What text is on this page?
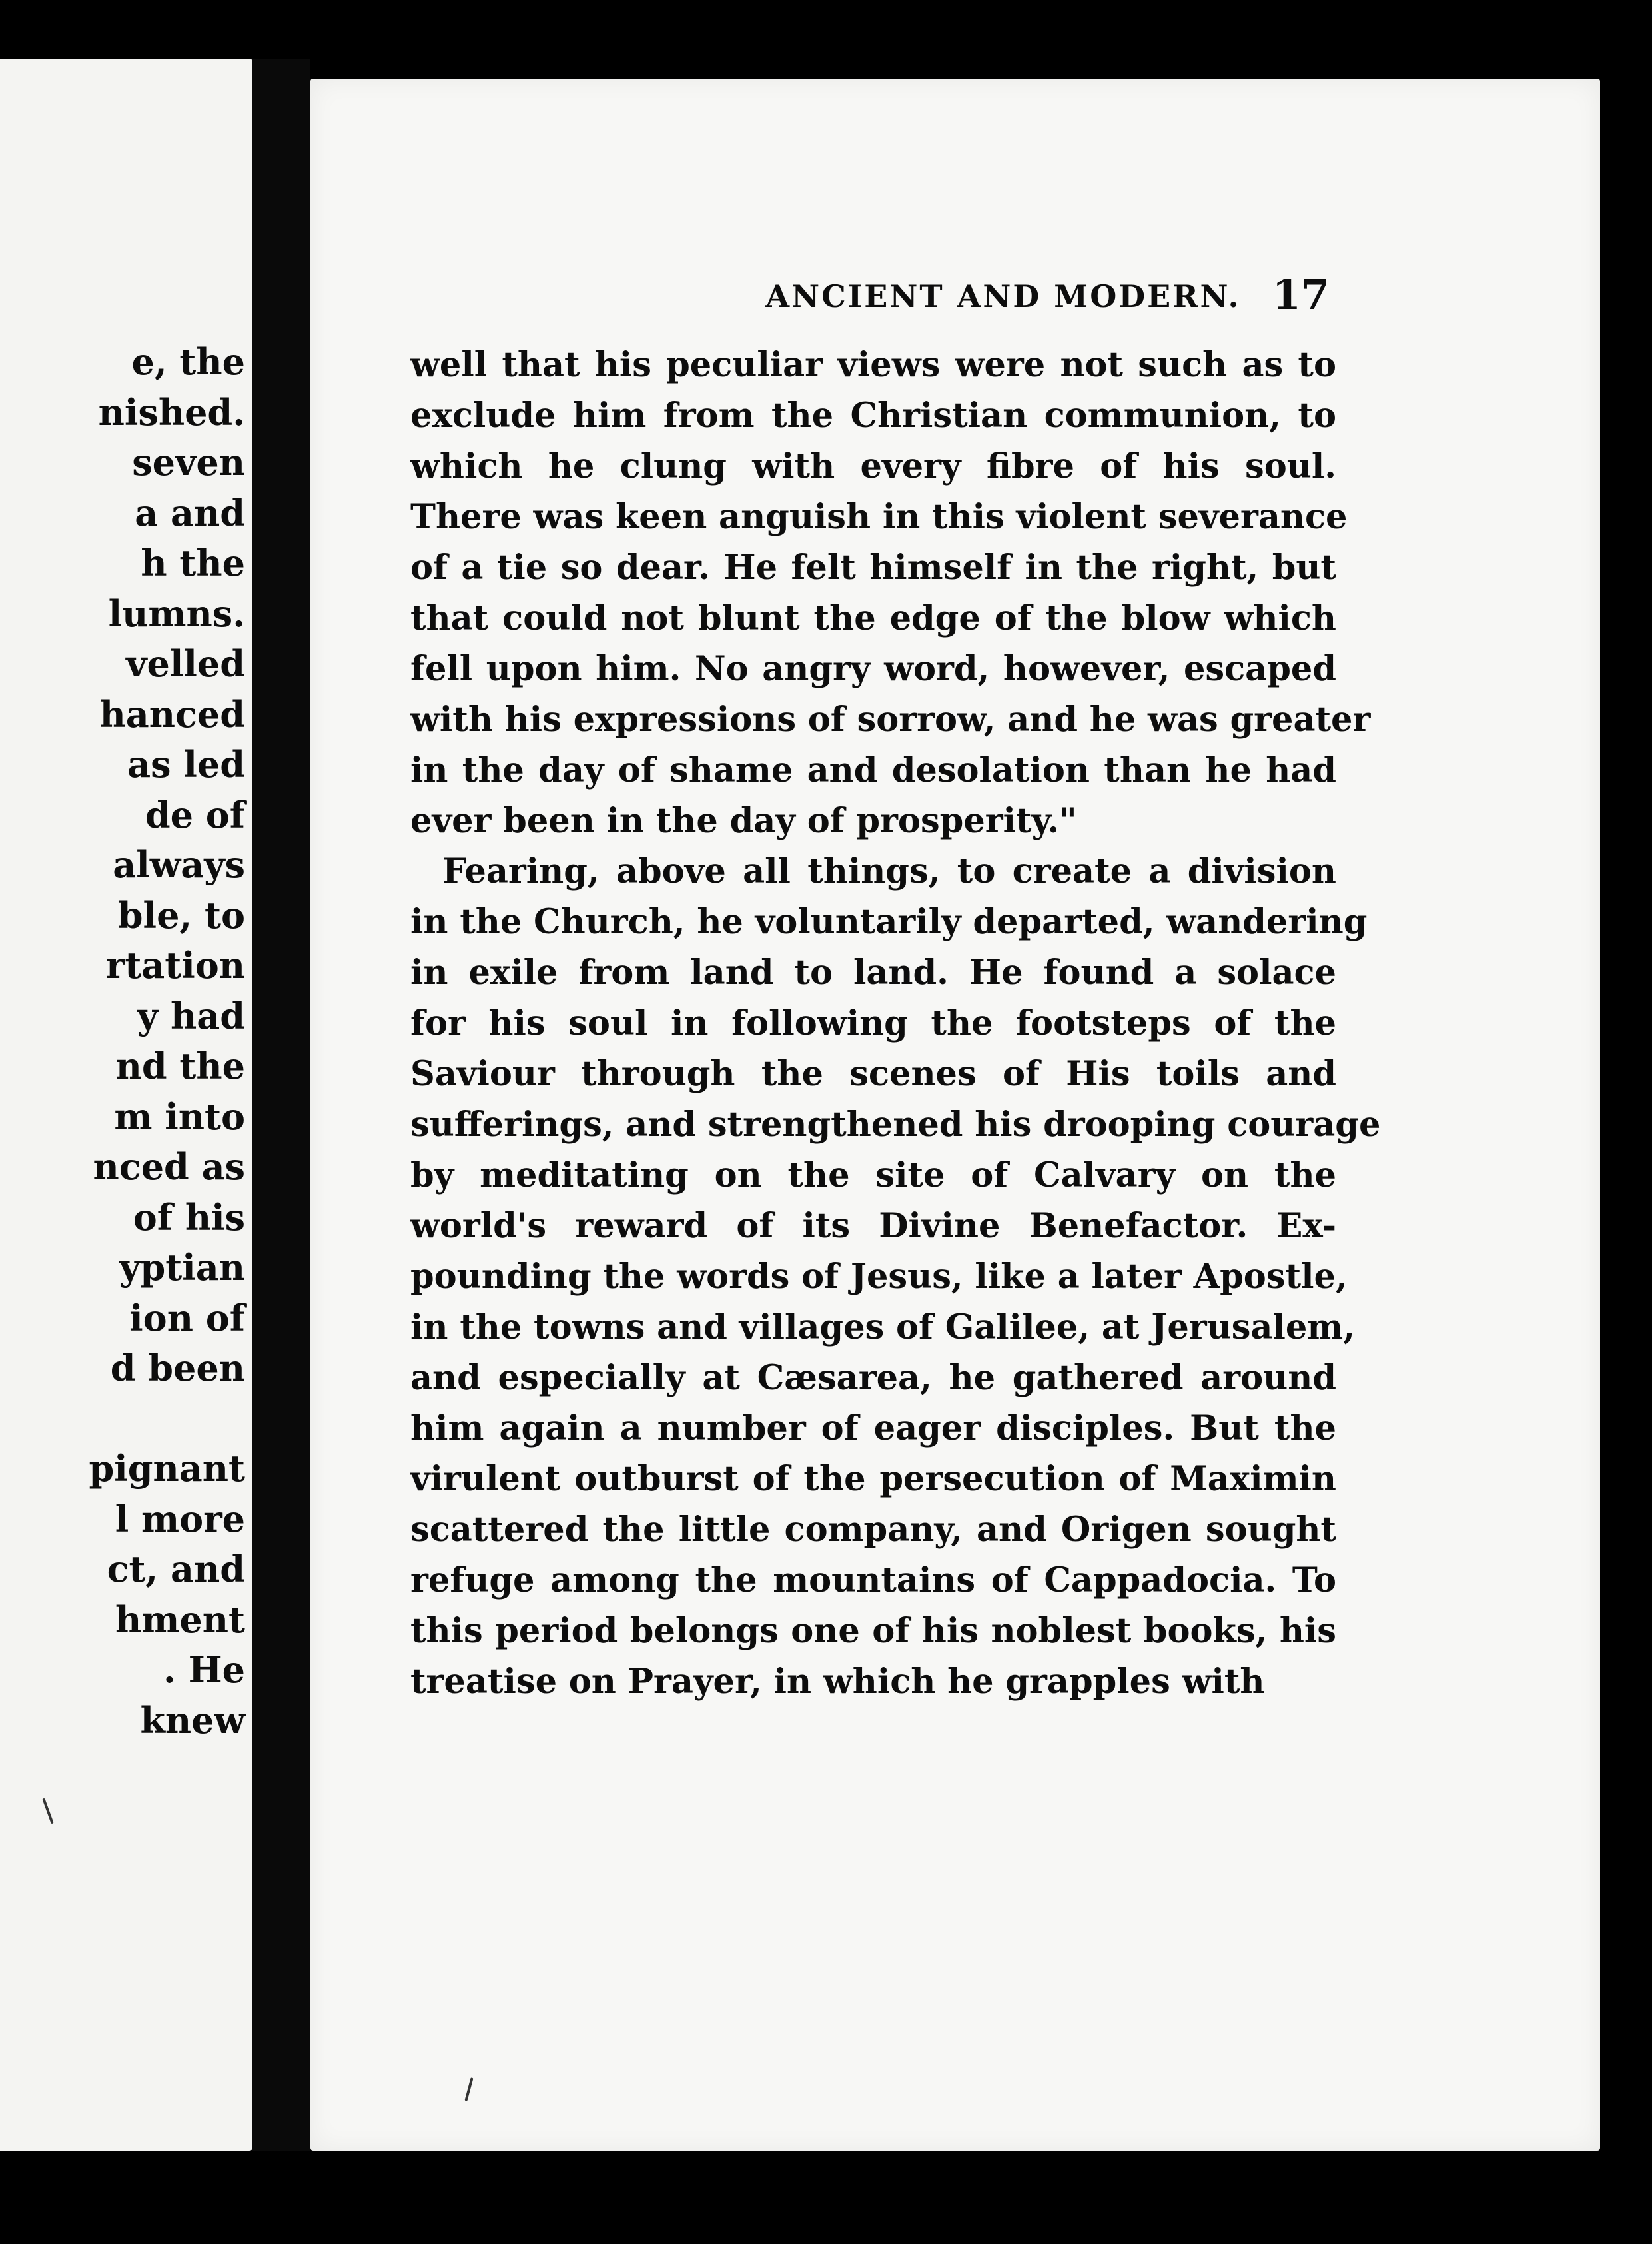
e, the
nished.
seven
a and
h the
lumns.
velled
hanced
as led
de of
always
ble, to
rtation
y had
nd the
m into
nced as
of his
yptian
ion of
d been
pignant
l more
ct, and
hment
. He
knew
ANCIENT AND MODERN. 17
well that his peculiar views were not such as to
exclude him from the Christian communion, to
which he clung with every fibre of his soul.
There was keen anguish in this violent severance
of a tie so dear. He felt himself in the right, but
that could not blunt the edge of the blow which
fell upon him. No angry word, however, escaped
with his expressions of sorrow, and he was greater
in the day of shame and desolation than he had
ever been in the day of prosperity."
Fearing, above all things, to create a division
in the Church, he voluntarily departed, wandering
in exile from land to land. He found a solace
for his soul in following the footsteps of the
Saviour through the scenes of His toils and
sufferings, and strengthened his drooping courage
by meditating on the site of Calvary on the
world's reward of its Divine Benefactor. Ex-
pounding the words of Jesus, like a later Apostle,
in the towns and villages of Galilee, at Jerusalem,
and especially at Cæsarea, he gathered around
him again a number of eager disciples. But the
virulent outburst of the persecution of Maximin
scattered the little company, and Origen sought
refuge among the mountains of Cappadocia. To
this period belongs one of his noblest books, his
treatise on Prayer, in which he grapples with
